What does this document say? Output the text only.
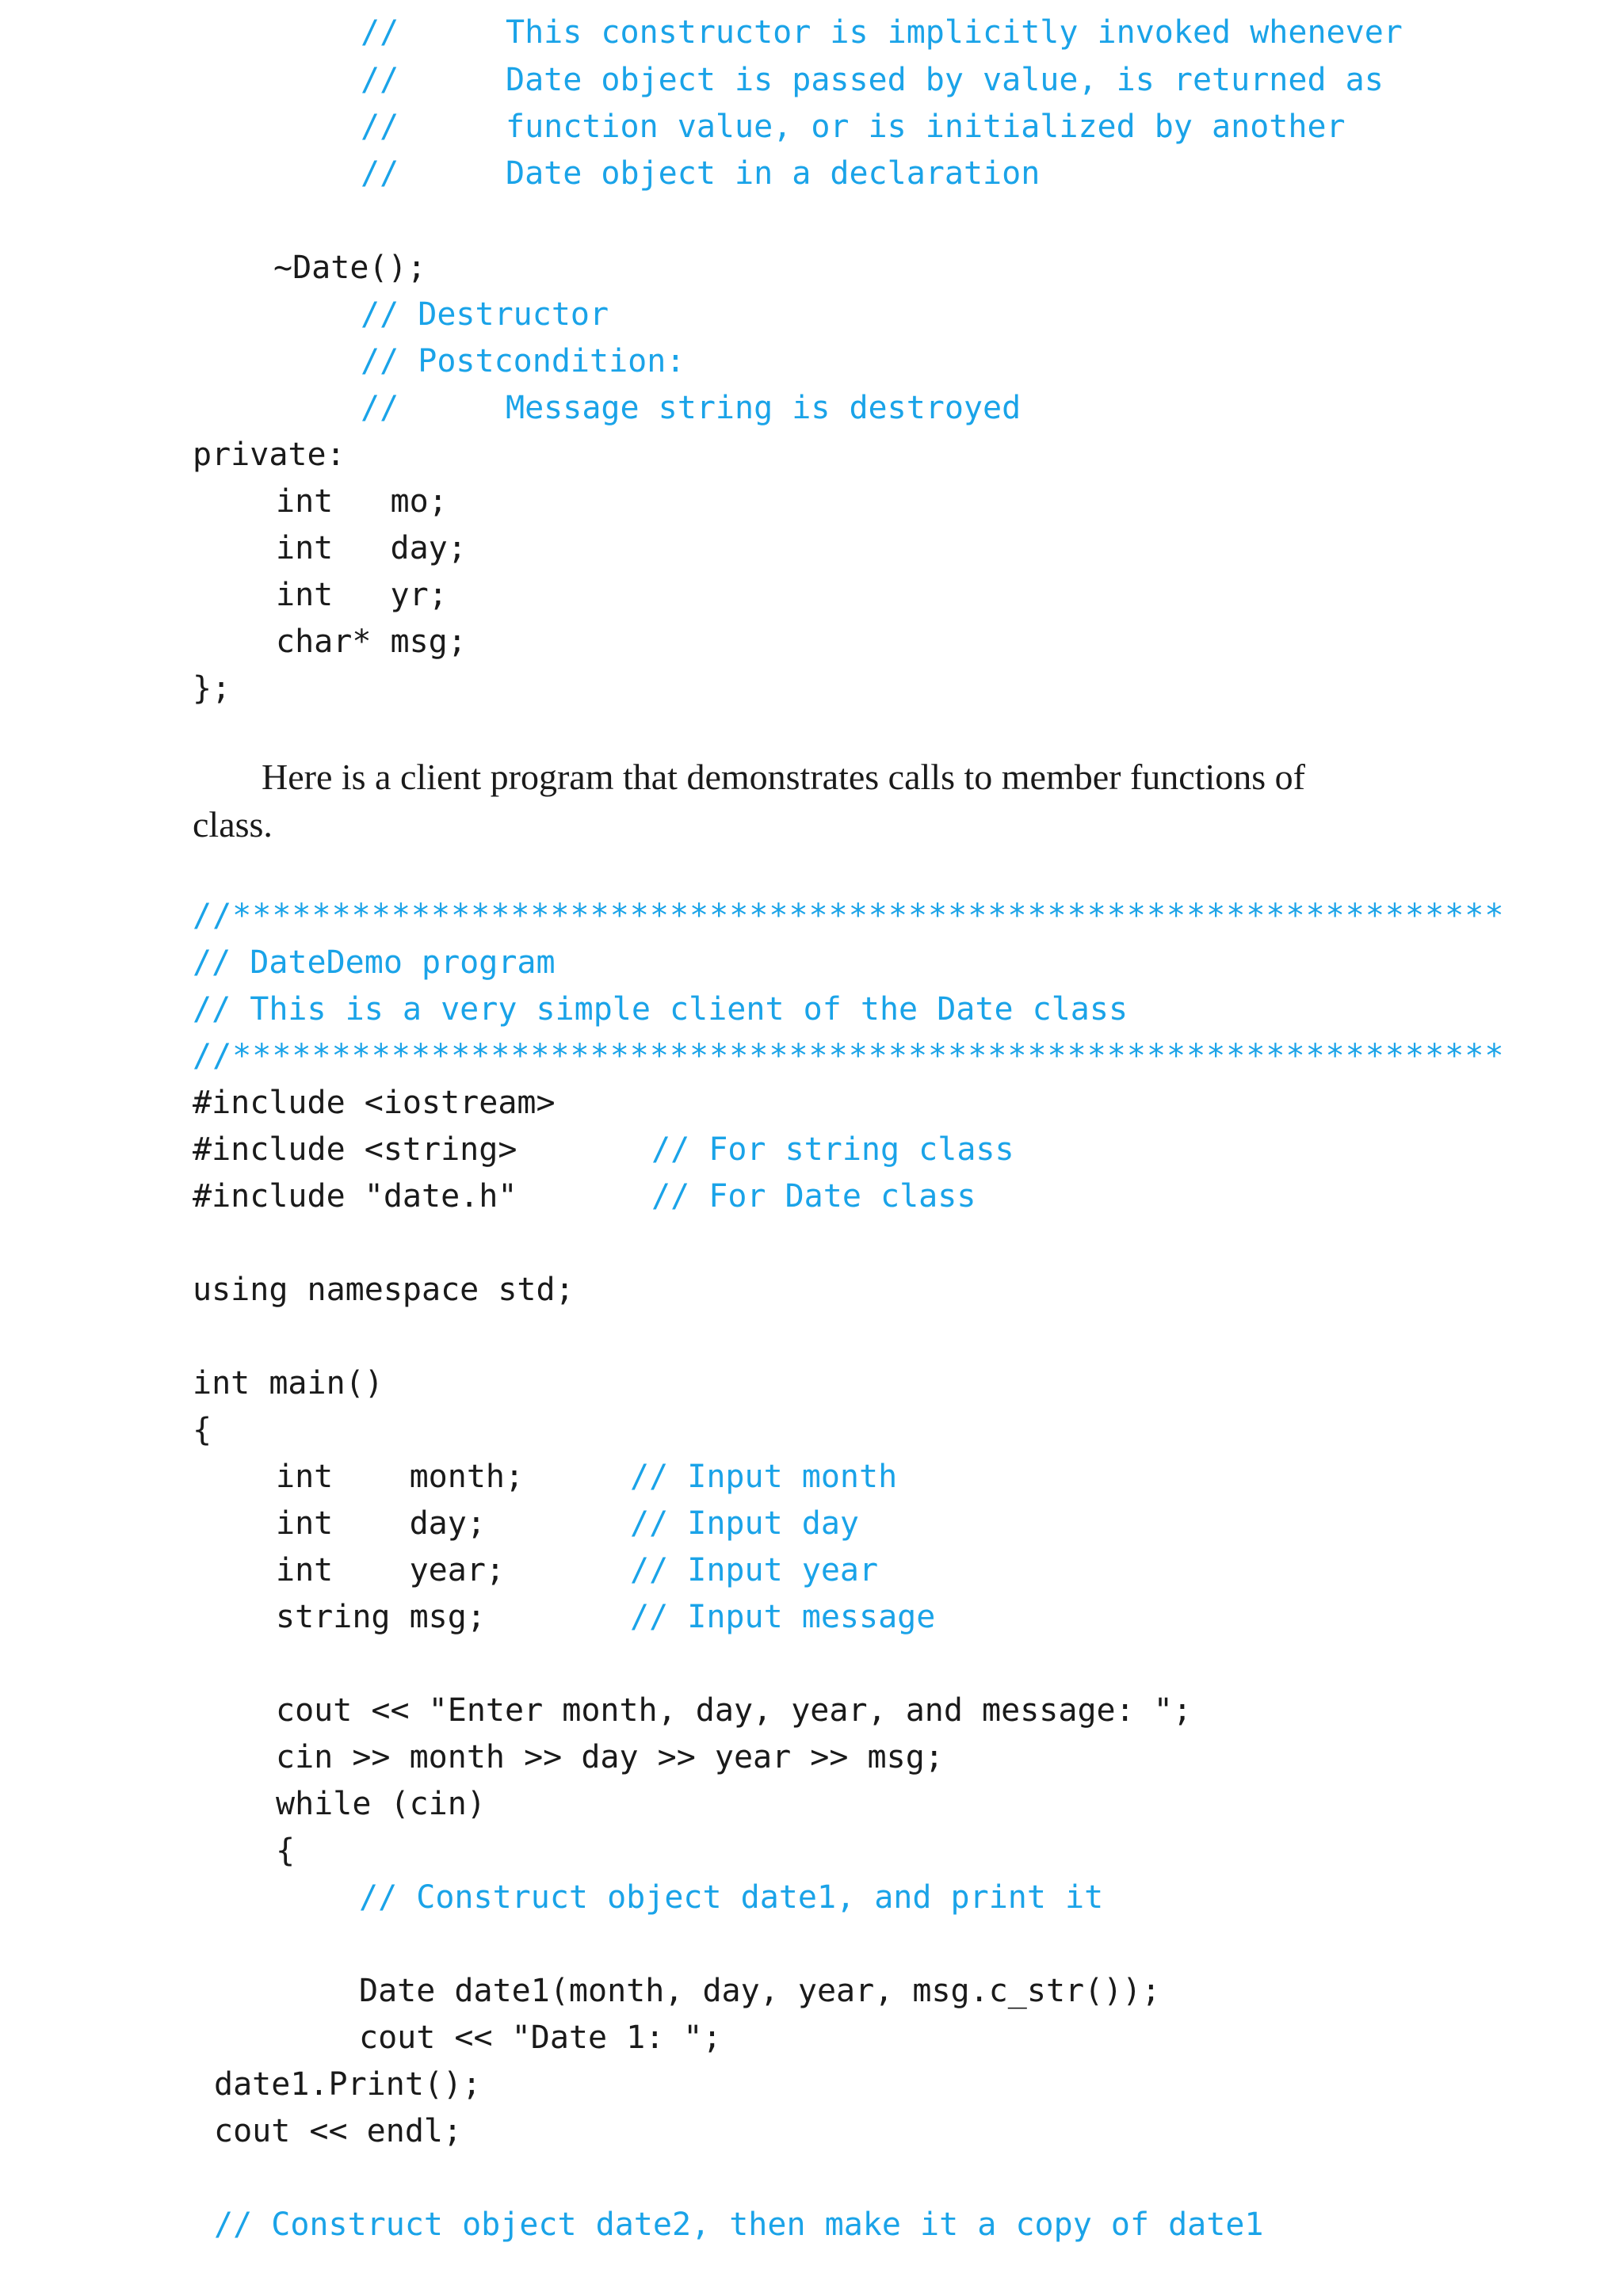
//	This constructor is implicitly invoked whenever
//	Date object is passed by value, is returned as
//	function value, or is initialized by another
//	Date object in a declaration
~Date();
// Destructor
// Postcondition:
//	Message string is destroyed
private:
int   mo;
int   day;
int   yr;
char* msg;
};
Here is a client program that demonstrates calls to member functions of
class.
//****************************************************************
// DateDemo program
// This is a very simple client of the Date class
//****************************************************************
#include <iostream>
#include <string>	// For string class
#include "date.h"	// For Date class
using namespace std;
int main()
{
int    month;	// Input month
int    day;	// Input day
int    year;	// Input year
string msg;	// Input message
cout << "Enter month, day, year, and message: ";
cin >> month >> day >> year >> msg;
while (cin)
{
// Construct object date1, and print it
Date date1(month, day, year, msg.c_str());
cout << "Date 1: ";
date1.Print();
cout << endl;
// Construct object date2, then make it a copy of date1
